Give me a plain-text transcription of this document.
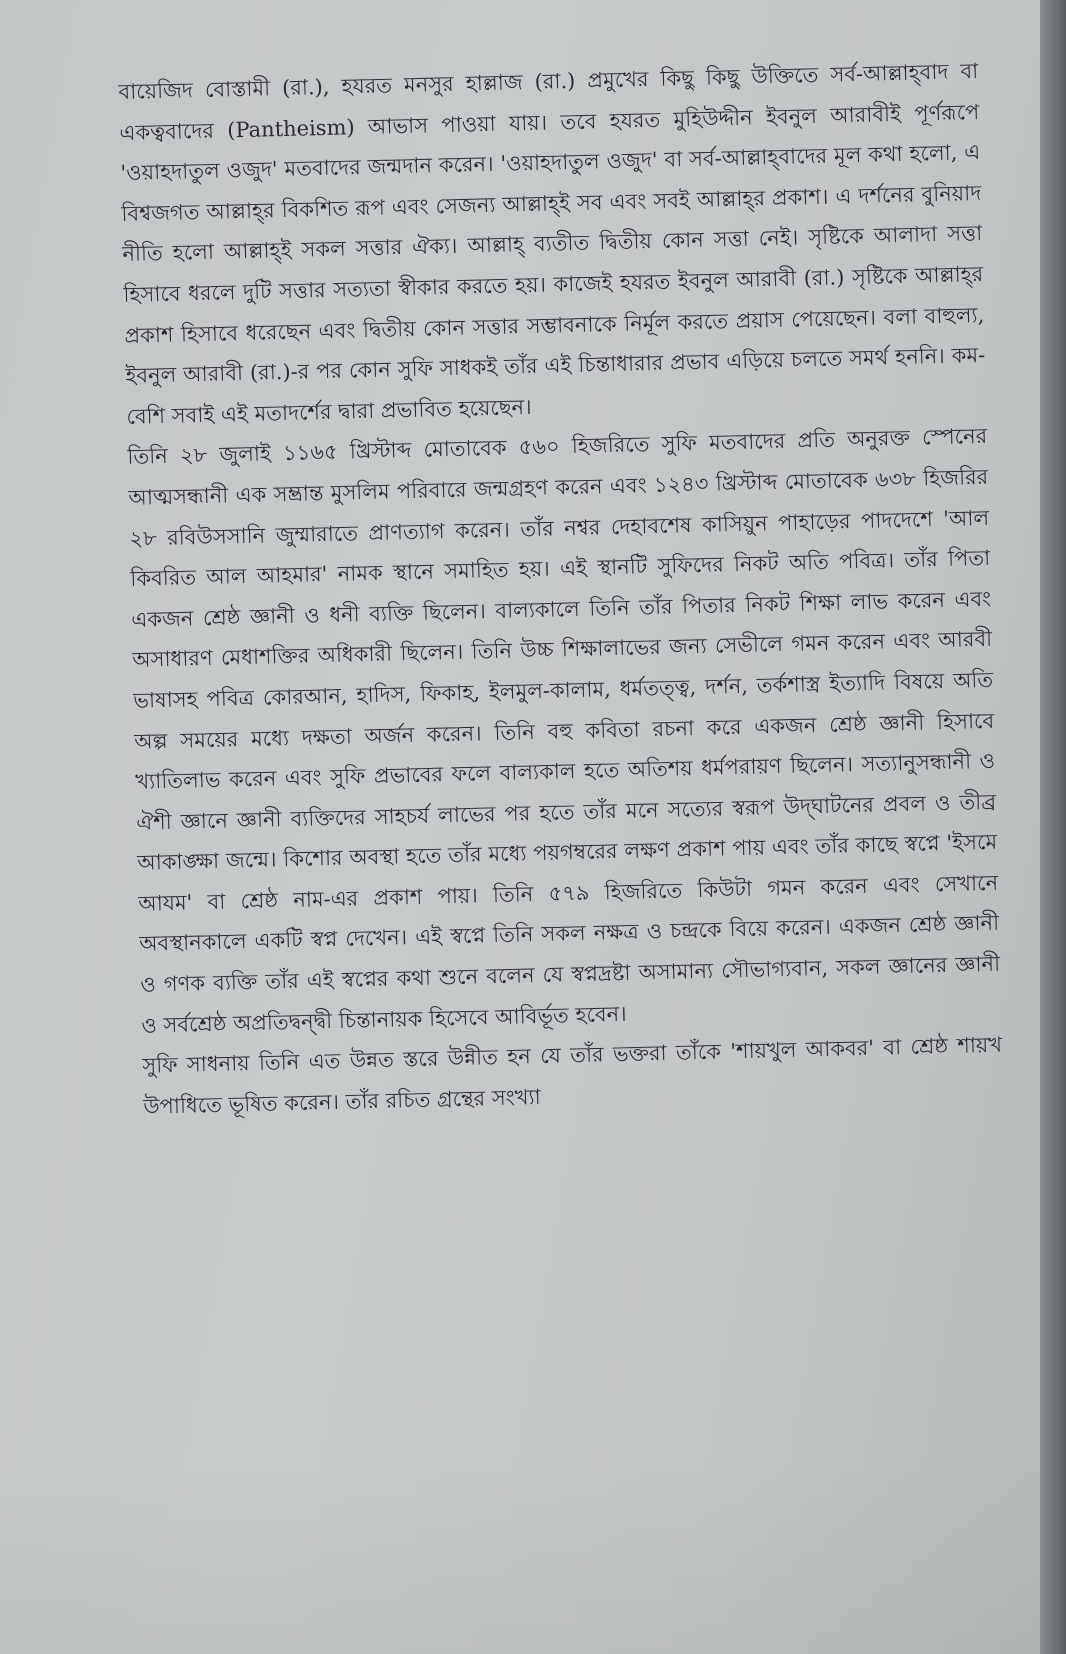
বায়েজিদ বোস্তামী (রা.), হযরত মনসুর হাল্লাজ (রা.) প্রমুখের কিছু কিছু উক্তিতে সর্ব-আল্লাহ্‌বাদ বা একত্ববাদের (Pantheism) আভাস পাওয়া যায়। তবে হযরত মুহিউদ্দীন ইবনুল আরাবীই পূর্ণরূপে 'ওয়াহদাতুল ওজুদ' মতবাদের জন্মদান করেন। 'ওয়াহদাতুল ওজুদ' বা সর্ব-আল্লাহ্‌বাদের মূল কথা হলো, এ বিশ্বজগত আল্লাহ্‌র বিকশিত রূপ এবং সেজন্য আল্লাহ্‌ই সব এবং সবই আল্লাহ্‌র প্রকাশ। এ দর্শনের বুনিয়াদ নীতি হলো আল্লাহ্‌ই সকল সত্তার ঐক্য। আল্লাহ্‌ ব্যতীত দ্বিতীয় কোন সত্তা নেই। সৃষ্টিকে আলাদা সত্তা হিসাবে ধরলে দুটি সত্তার সত্যতা স্বীকার করতে হয়। কাজেই হযরত ইবনুল আরাবী (রা.) সৃষ্টিকে আল্লাহ্‌র প্রকাশ হিসাবে ধরেছেন এবং দ্বিতীয় কোন সত্তার সম্ভাবনাকে নির্মূল করতে প্রয়াস পেয়েছেন। বলা বাহুল্য, ইবনুল আরাবী (রা.)-র পর কোন সুফি সাধকই তাঁর এই চিন্তাধারার প্রভাব এড়িয়ে চলতে সমর্থ হননি। কম-বেশি সবাই এই মতাদর্শের দ্বারা প্রভাবিত হয়েছেন।

তিনি ২৮ জুলাই ১১৬৫ খ্রিস্টাব্দ মোতাবেক ৫৬০ হিজরিতে সুফি মতবাদের প্রতি অনুরক্ত স্পেনের আত্মসন্ধানী এক সম্ভ্রান্ত মুসলিম পরিবারে জন্মগ্রহণ করেন এবং ১২৪৩ খ্রিস্টাব্দ মোতাবেক ৬৩৮ হিজরির ২৮ রবিউসসানি জুম্মারাতে প্রাণত্যাগ করেন। তাঁর নশ্বর দেহাবশেষ কাসিয়ুন পাহাড়ের পাদদেশে 'আল কিবরিত আল আহমার' নামক স্থানে সমাহিত হয়। এই স্থানটি সুফিদের নিকট অতি পবিত্র। তাঁর পিতা একজন শ্রেষ্ঠ জ্ঞানী ও ধনী ব্যক্তি ছিলেন। বাল্যকালে তিনি তাঁর পিতার নিকট শিক্ষা লাভ করেন এবং অসাধারণ মেধাশক্তির অধিকারী ছিলেন। তিনি উচ্চ শিক্ষালাভের জন্য সেভীলে গমন করেন এবং আরবী ভাষাসহ পবিত্র কোরআন, হাদিস, ফিকাহ, ইলমুল-কালাম, ধর্মতত্ত্ব, দর্শন, তর্কশাস্ত্র ইত্যাদি বিষয়ে অতি অল্প সময়ের মধ্যে দক্ষতা অর্জন করেন। তিনি বহু কবিতা রচনা করে একজন শ্রেষ্ঠ জ্ঞানী হিসাবে খ্যাতিলাভ করেন এবং সুফি প্রভাবের ফলে বাল্যকাল হতে অতিশয় ধর্মপরায়ণ ছিলেন। সত্যানুসন্ধানী ও ঐশী জ্ঞানে জ্ঞানী ব্যক্তিদের সাহচর্য লাভের পর হতে তাঁর মনে সত্যের স্বরূপ উদ্‌ঘাটনের প্রবল ও তীব্র আকাঙ্ক্ষা জন্মে। কিশোর অবস্থা হতে তাঁর মধ্যে পয়গম্বরের লক্ষণ প্রকাশ পায় এবং তাঁর কাছে স্বপ্নে 'ইসমে আযম' বা শ্রেষ্ঠ নাম-এর প্রকাশ পায়। তিনি ৫৭৯ হিজরিতে কিউটা গমন করেন এবং সেখানে অবস্থানকালে একটি স্বপ্ন দেখেন। এই স্বপ্নে তিনি সকল নক্ষত্র ও চন্দ্রকে বিয়ে করেন। একজন শ্রেষ্ঠ জ্ঞানী ও গণক ব্যক্তি তাঁর এই স্বপ্নের কথা শুনে বলেন যে স্বপ্নদ্রষ্টা অসামান্য সৌভাগ্যবান, সকল জ্ঞানের জ্ঞানী ও সর্বশ্রেষ্ঠ অপ্রতিদ্বন্দ্বী চিন্তানায়ক হিসেবে আবির্ভূত হবেন।

সুফি সাধনায় তিনি এত উন্নত স্তরে উন্নীত হন যে তাঁর ভক্তরা তাঁকে 'শায়খুল আকবর' বা শ্রেষ্ঠ শায়খ উপাধিতে ভূষিত করেন। তাঁর রচিত গ্রন্থের সংখ্যা
